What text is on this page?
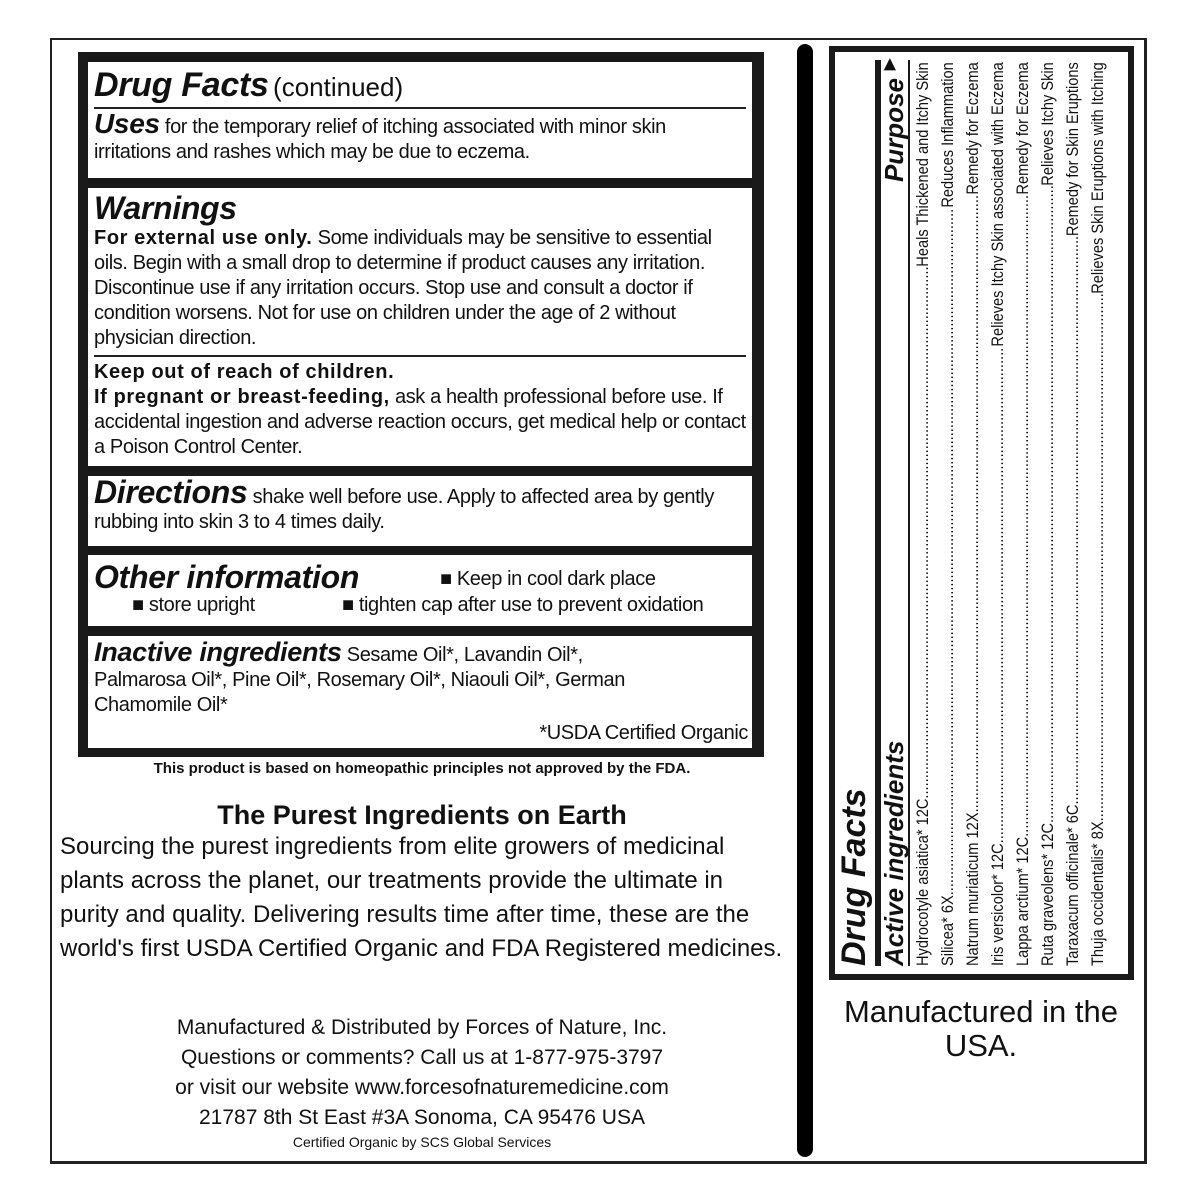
Drug Facts (continued)
Uses for the temporary relief of itching associated with minor skin irritations and rashes which may be due to eczema.
Warnings
For external use only. Some individuals may be sensitive to essential oils. Begin with a small drop to determine if product causes any irritation. Discontinue use if any irritation occurs. Stop use and consult a doctor if condition worsens. Not for use on children under the age of 2 without physician direction.
Keep out of reach of children.
If pregnant or breast-feeding, ask a health professional before use. If accidental ingestion and adverse reaction occurs, get medical help or contact a Poison Control Center.
Directions shake well before use. Apply to affected area by gently rubbing into skin 3 to 4 times daily.
Other information	■ Keep in cool dark place
■ store upright	■ tighten cap after use to prevent oxidation
Inactive ingredients Sesame Oil*, Lavandin Oil*, Palmarosa Oil*, Pine Oil*, Rosemary Oil*, Niaouli Oil*, German Chamomile Oil*
*USDA Certified Organic
This product is based on homeopathic principles not approved by the FDA.
The Purest Ingredients on Earth
Sourcing the purest ingredients from elite growers of medicinal plants across the planet, our treatments provide the ultimate in purity and quality. Delivering results time after time, these are the world's first USDA Certified Organic and FDA Registered medicines.
Manufactured & Distributed by Forces of Nature, Inc.
Questions or comments? Call us at 1-877-975-3797
or visit our website www.forcesofnaturemedicine.com
21787 8th St East #3A Sonoma, CA 95476 USA
Certified Organic by SCS Global Services
Drug Facts Active ingredients
Purpose
▶
Hydrocotyle asiatica* 12C
.....
Heals Thickened and Itchy Skin
Silicea* 6X
.....
Reduces Inflammation
Natrum muriaticum 12X
.....
Remedy for Eczema
Iris versicolor* 12C
.....
Relieves Itchy Skin associated with Eczema
Lappa arctium* 12C
.....
Remedy for Eczema
Ruta graveolens* 12C
.....
Relieves Itchy Skin
Taraxacum officinale* 6C
.....
Remedy for Skin Eruptions
Thuja occidentalis* 8X
.....
Relieves Skin Eruptions with Itching
Manufactured in the USA.
